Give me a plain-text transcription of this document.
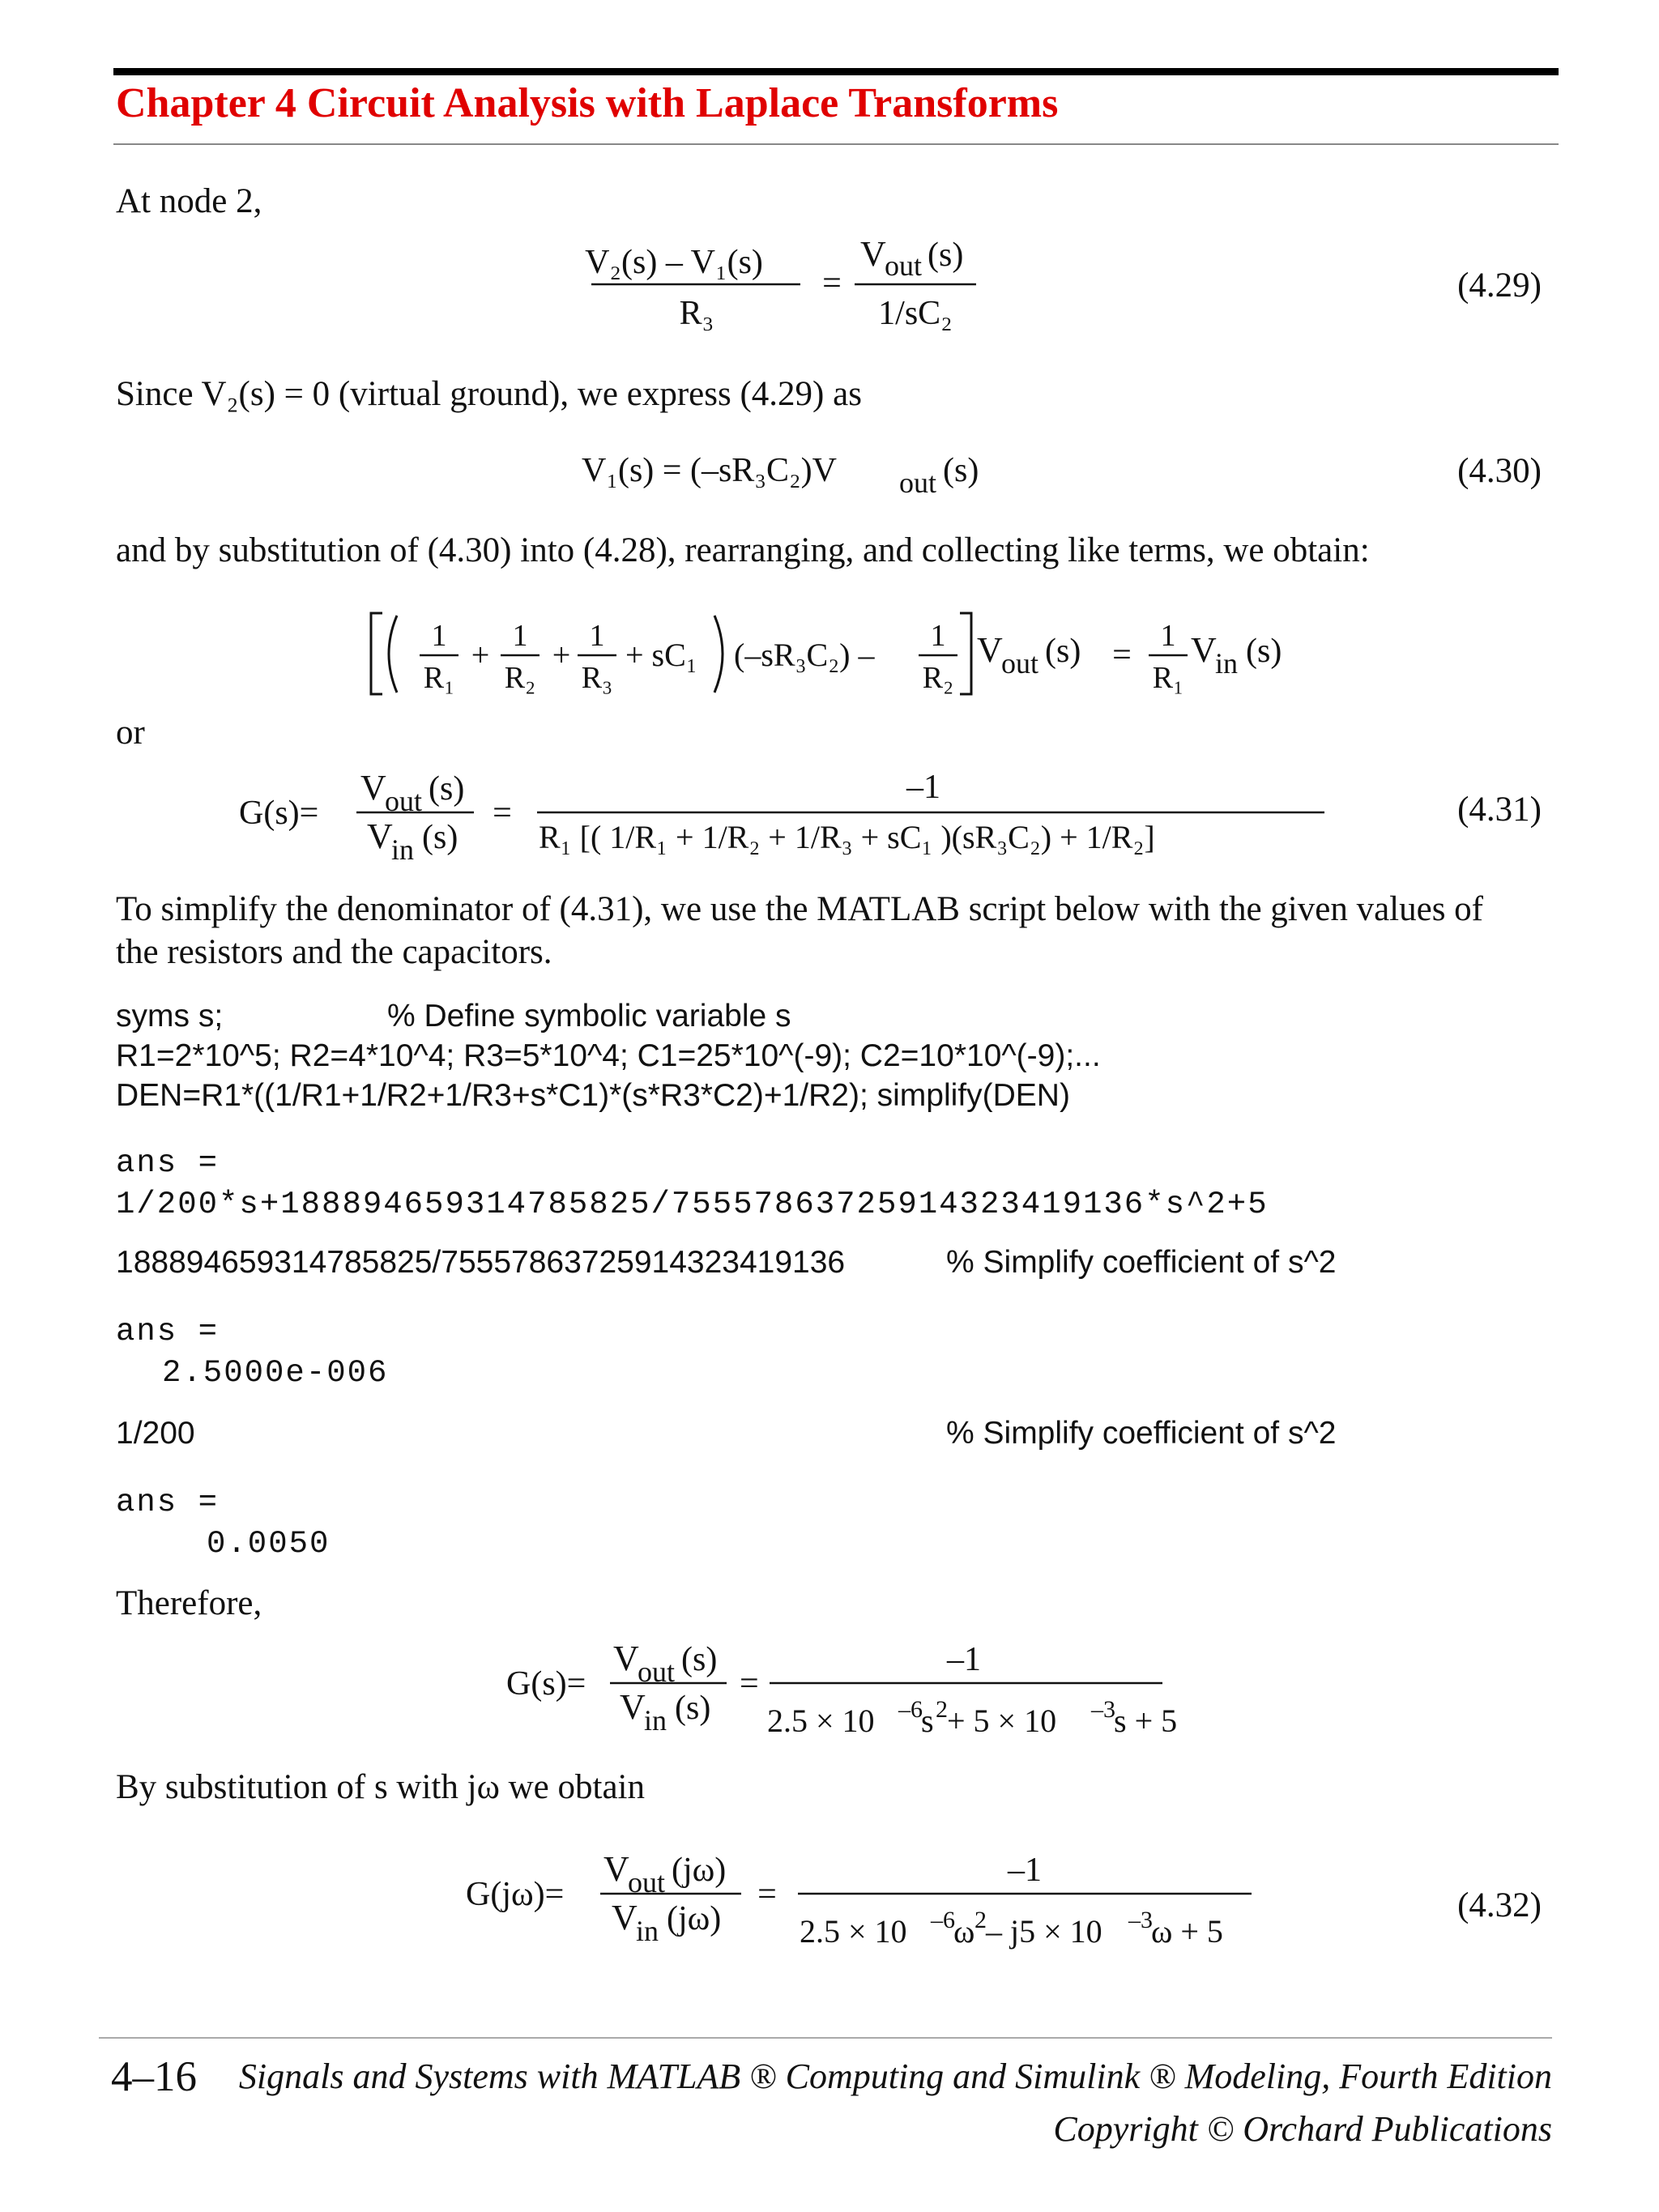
Chapter 4 Circuit Analysis with Laplace Transforms
At node 2,
V₂(s) – V₁(s)
R₃
=
V
out (s)
1/sC₂
(4.29)
Since V₂(s) = 0 (virtual ground), we express (4.29) as
V₁(s) = (–sR₃C₂)V out (s)	(4.30)
and by substitution of (4.30) into (4.28), rearranging, and collecting like terms, we obtain:
1
R₁
+
1
R₂
+
1
R₃
+ sC₁ (–sR₃C₂) –
1
R₂
V
out (s) =
1
R₁
V
in (s)
or
G(s)=
V
out (s)
V
in (s)
=
–1
R₁ [( 1/R₁ + 1/R₂ + 1/R₃ + sC₁ )(sR₃C₂) + 1/R₂]
(4.31)
To simplify the denominator of (4.31), we use the MATLAB script below with the given values of
the resistors and the capacitors.
syms s;	% Define symbolic variable s
R1=2*10^5; R2=4*10^4; R3=5*10^4; C1=25*10^(-9); C2=10*10^(-9);...
DEN=R1*((1/R1+1/R2+1/R3+s*C1)*(s*R3*C2)+1/R2); simplify(DEN)
ans =
1/200*s+188894659314785825/75557863725914323419136*s^2+5
188894659314785825/75557863725914323419136	% Simplify coefficient of s^2
ans =
2.5000e-006
1/200	% Simplify coefficient of s^2
ans =
0.0050
Therefore,
G(s)=
V
out (s)
V
in (s)
=
–1
2.5 × 10 –6
s 2 + 5 × 10 –3
s + 5
By substitution of s with jω we obtain
G(jω)=
V
out (jω)
V
in (jω)
=
–1
2.5 × 10 –6
ω 2 – j5 × 10 –3
ω + 5
(4.32)
4–16 Signals and Systems with MATLAB ® Computing and Simulink ® Modeling, Fourth Edition
Copyright © Orchard Publications
